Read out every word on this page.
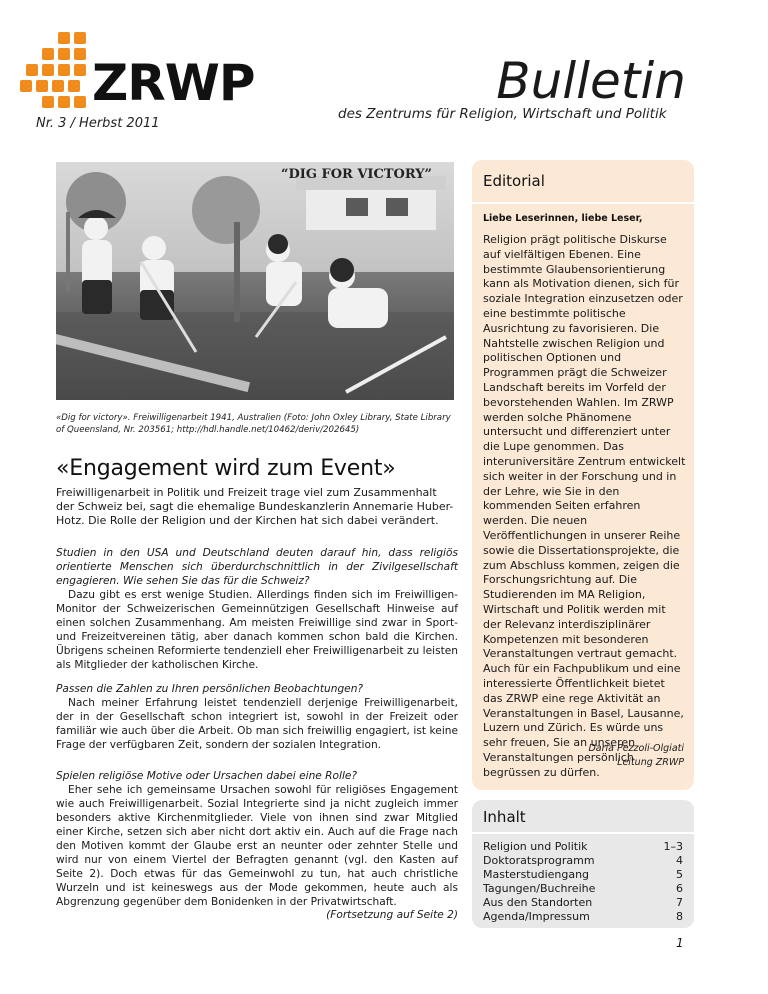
ZRWP
Nr. 3 / Herbst 2011
Bulletin
des Zentrums für Religion, Wirtschaft und Politik
“DIG FOR VICTORY”
«Dig for victory». Freiwilligenarbeit 1941, Australien (Foto: John Oxley Library, State Library of Queensland, Nr. 203561; http://hdl.handle.net/10462/deriv/202645)
«Engagement wird zum Event»

Freiwilligenarbeit in Politik und Freizeit trage viel zum Zusammenhalt der Schweiz bei, sagt die ehemalige Bundeskanzlerin Annemarie Huber-Hotz. Die Rolle der Religion und der Kirchen hat sich dabei verändert.

Studien in den USA und Deutschland deuten darauf hin, dass religiös orientierte Menschen sich überdurchschnittlich in der Zivilgesellschaft engagieren. Wie sehen Sie das für die Schweiz?
Dazu gibt es erst wenige Studien. Allerdings finden sich im Freiwilligen-Monitor der Schweizerischen Gemeinnützigen Gesellschaft Hinweise auf einen solchen Zusammenhang. Am meisten Freiwillige sind zwar in Sport- und Freizeitvereinen tätig, aber danach kommen schon bald die Kirchen. Übrigens scheinen Reformierte tendenziell eher Freiwilligenarbeit zu leisten als Mitglieder der katholischen Kirche.
Passen die Zahlen zu Ihren persönlichen Beobachtungen?
Nach meiner Erfahrung leistet tendenziell derjenige Freiwilligenarbeit, der in der Gesellschaft schon integriert ist, sowohl in der Freizeit oder familiär wie auch über die Arbeit. Ob man sich freiwillig engagiert, ist keine Frage der verfügbaren Zeit, sondern der sozialen Integration.
Spielen religiöse Motive oder Ursachen dabei eine Rolle?
Eher sehe ich gemeinsame Ursachen sowohl für religiöses Engagement wie auch Freiwilligenarbeit. Sozial Integrierte sind ja nicht zugleich immer besonders aktive Kirchenmitglieder. Viele von ihnen sind zwar Mitglied einer Kirche, setzen sich aber nicht dort aktiv ein. Auch auf die Frage nach den Motiven kommt der Glaube erst an neunter oder zehnter Stelle und wird nur von einem Viertel der Befragten genannt (vgl. den Kasten auf Seite 2). Doch etwas für das Gemeinwohl zu tun, hat auch christliche Wurzeln und ist keineswegs aus der Mode gekommen, heute auch als Abgrenzung gegenüber dem Bonidenken in der Privatwirtschaft.
(Fortsetzung auf Seite 2)
Editorial
Liebe Leserinnen, liebe Leser,

Religion prägt politische Diskurse auf vielfältigen Ebenen. Eine bestimmte Glaubensorientierung kann als Motivation dienen, sich für soziale Integration einzusetzen oder eine bestimmte politische Ausrichtung zu favorisieren. Die Nahtstelle zwischen Religion und politischen Optionen und Programmen prägt die Schweizer Landschaft bereits im Vorfeld der bevorstehenden Wahlen. Im ZRWP werden solche Phänomene untersucht und differenziert unter die Lupe genommen. Das interuniversitäre Zentrum entwickelt sich weiter in der Forschung und in der Lehre, wie Sie in den kommenden Seiten erfahren werden. Die neuen Veröffentlichungen in unserer Reihe sowie die Dissertationsprojekte, die zum Abschluss kommen, zeigen die Forschungsrichtung auf. Die Studierenden im MA Religion, Wirtschaft und Politik werden mit der Relevanz interdisziplinärer Kompetenzen mit besonderen Veranstaltungen vertraut gemacht. Auch für ein Fachpublikum und eine interessierte Öffentlichkeit bietet das ZRWP eine rege Aktivität an Veranstaltungen in Basel, Lausanne, Luzern und Zürich. Es würde uns sehr freuen, Sie an unseren Veranstaltungen persönlich begrüssen zu dürfen.

Daria Pezzoli-Olgiati
Leitung ZRWP
Inhalt
Religion und Politik	1–3
Doktoratsprogramm	4
Masterstudiengang	5
Tagungen/Buchreihe	6
Aus den Standorten	7
Agenda/Impressum	8
1
